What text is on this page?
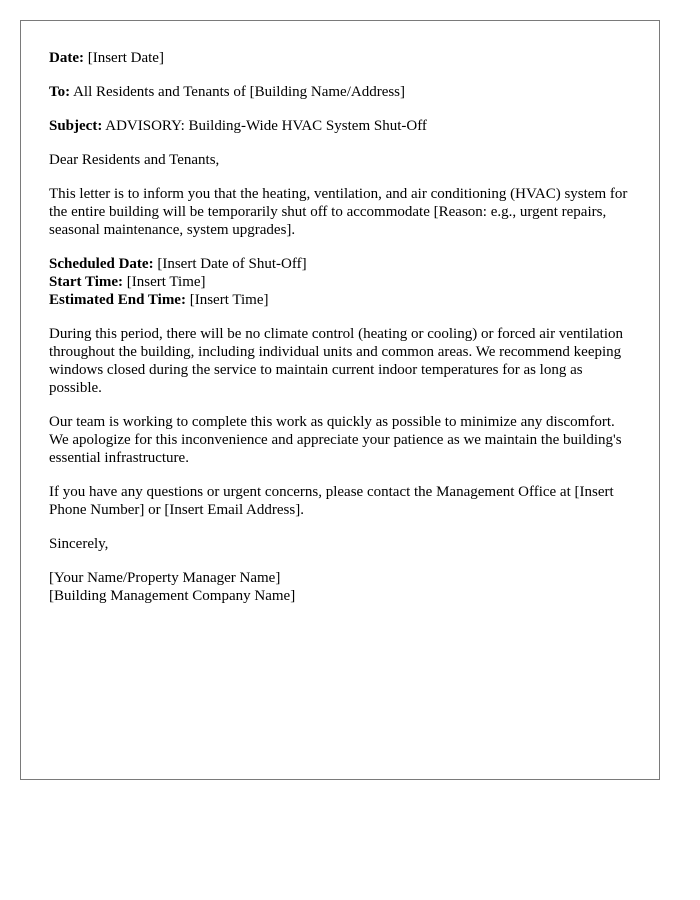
Date: [Insert Date]

To: All Residents and Tenants of [Building Name/Address]

Subject: ADVISORY: Building-Wide HVAC System Shut-Off

Dear Residents and Tenants,

This letter is to inform you that the heating, ventilation, and air conditioning (HVAC) system for the entire building will be temporarily shut off to accommodate [Reason: e.g., urgent repairs, seasonal maintenance, system upgrades].

Scheduled Date: [Insert Date of Shut-Off]
Start Time: [Insert Time]
Estimated End Time: [Insert Time]

During this period, there will be no climate control (heating or cooling) or forced air ventilation throughout the building, including individual units and common areas. We recommend keeping windows closed during the service to maintain current indoor temperatures for as long as possible.

Our team is working to complete this work as quickly as possible to minimize any discomfort. We apologize for this inconvenience and appreciate your patience as we maintain the building's essential infrastructure.

If you have any questions or urgent concerns, please contact the Management Office at [Insert Phone Number] or [Insert Email Address].

Sincerely,

[Your Name/Property Manager Name]
[Building Management Company Name]
